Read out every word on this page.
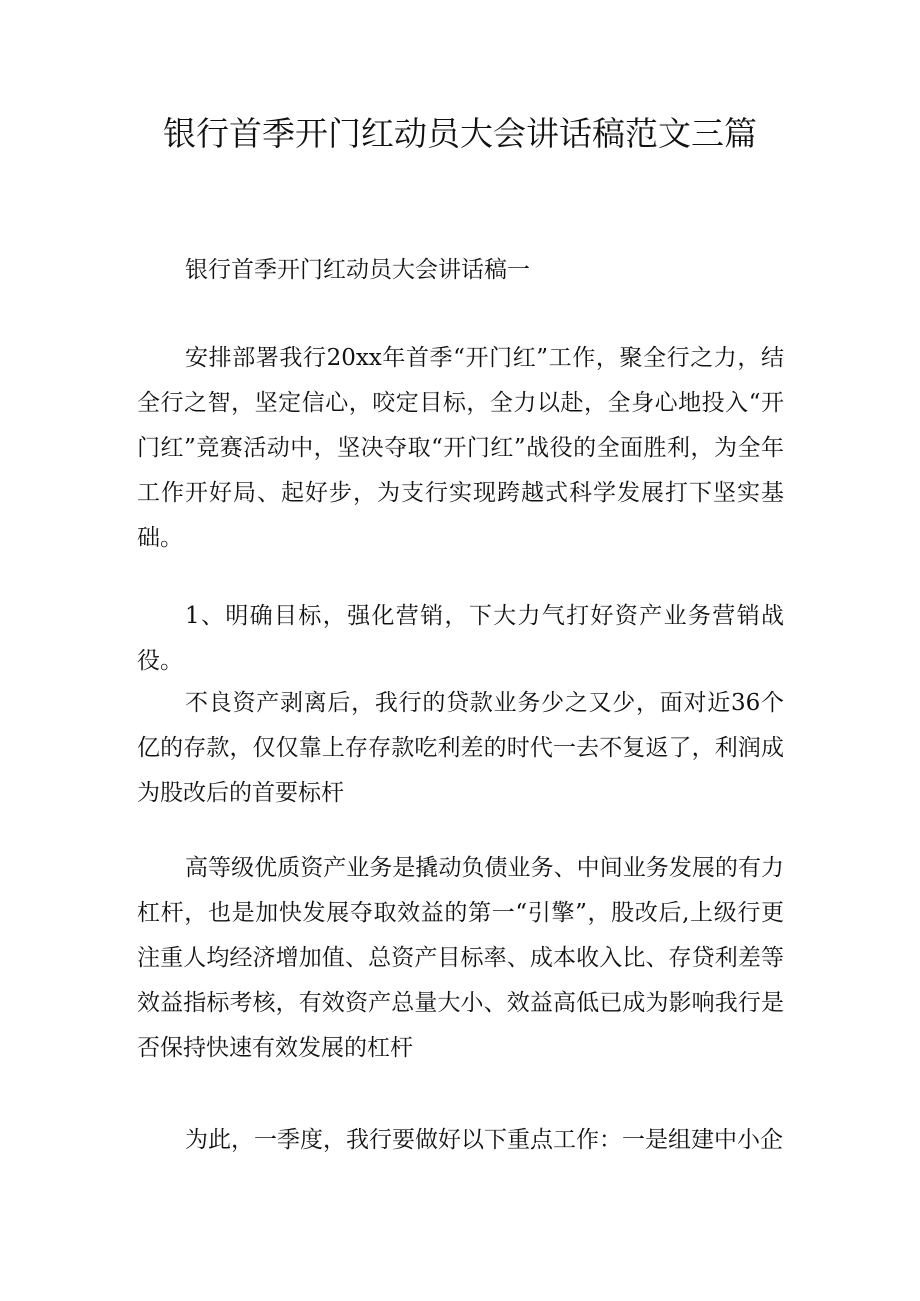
银行首季开门红动员大会讲话稿范文三篇

银行首季开门红动员大会讲话稿一

安排部署我行20xx年首季“开门红”工作，聚全行之力，结全行之智，坚定信心，咬定目标，全力以赴，全身心地投入“开门红”竞赛活动中，坚决夺取“开门红”战役的全面胜利，为全年工作开好局、起好步，为支行实现跨越式科学发展打下坚实基础。

1、明确目标，强化营销，下大力气打好资产业务营销战役。

不良资产剥离后，我行的贷款业务少之又少，面对近36个亿的存款，仅仅靠上存存款吃利差的时代一去不复返了，利润成为股改后的首要标杆

高等级优质资产业务是撬动负债业务、中间业务发展的有力杠杆，也是加快发展夺取效益的第一“引擎”，股改后,上级行更注重人均经济增加值、总资产目标率、成本收入比、存贷利差等效益指标考核，有效资产总量大小、效益高低已成为影响我行是否保持快速有效发展的杠杆

为此，一季度，我行要做好以下重点工作：一是组建中小企
